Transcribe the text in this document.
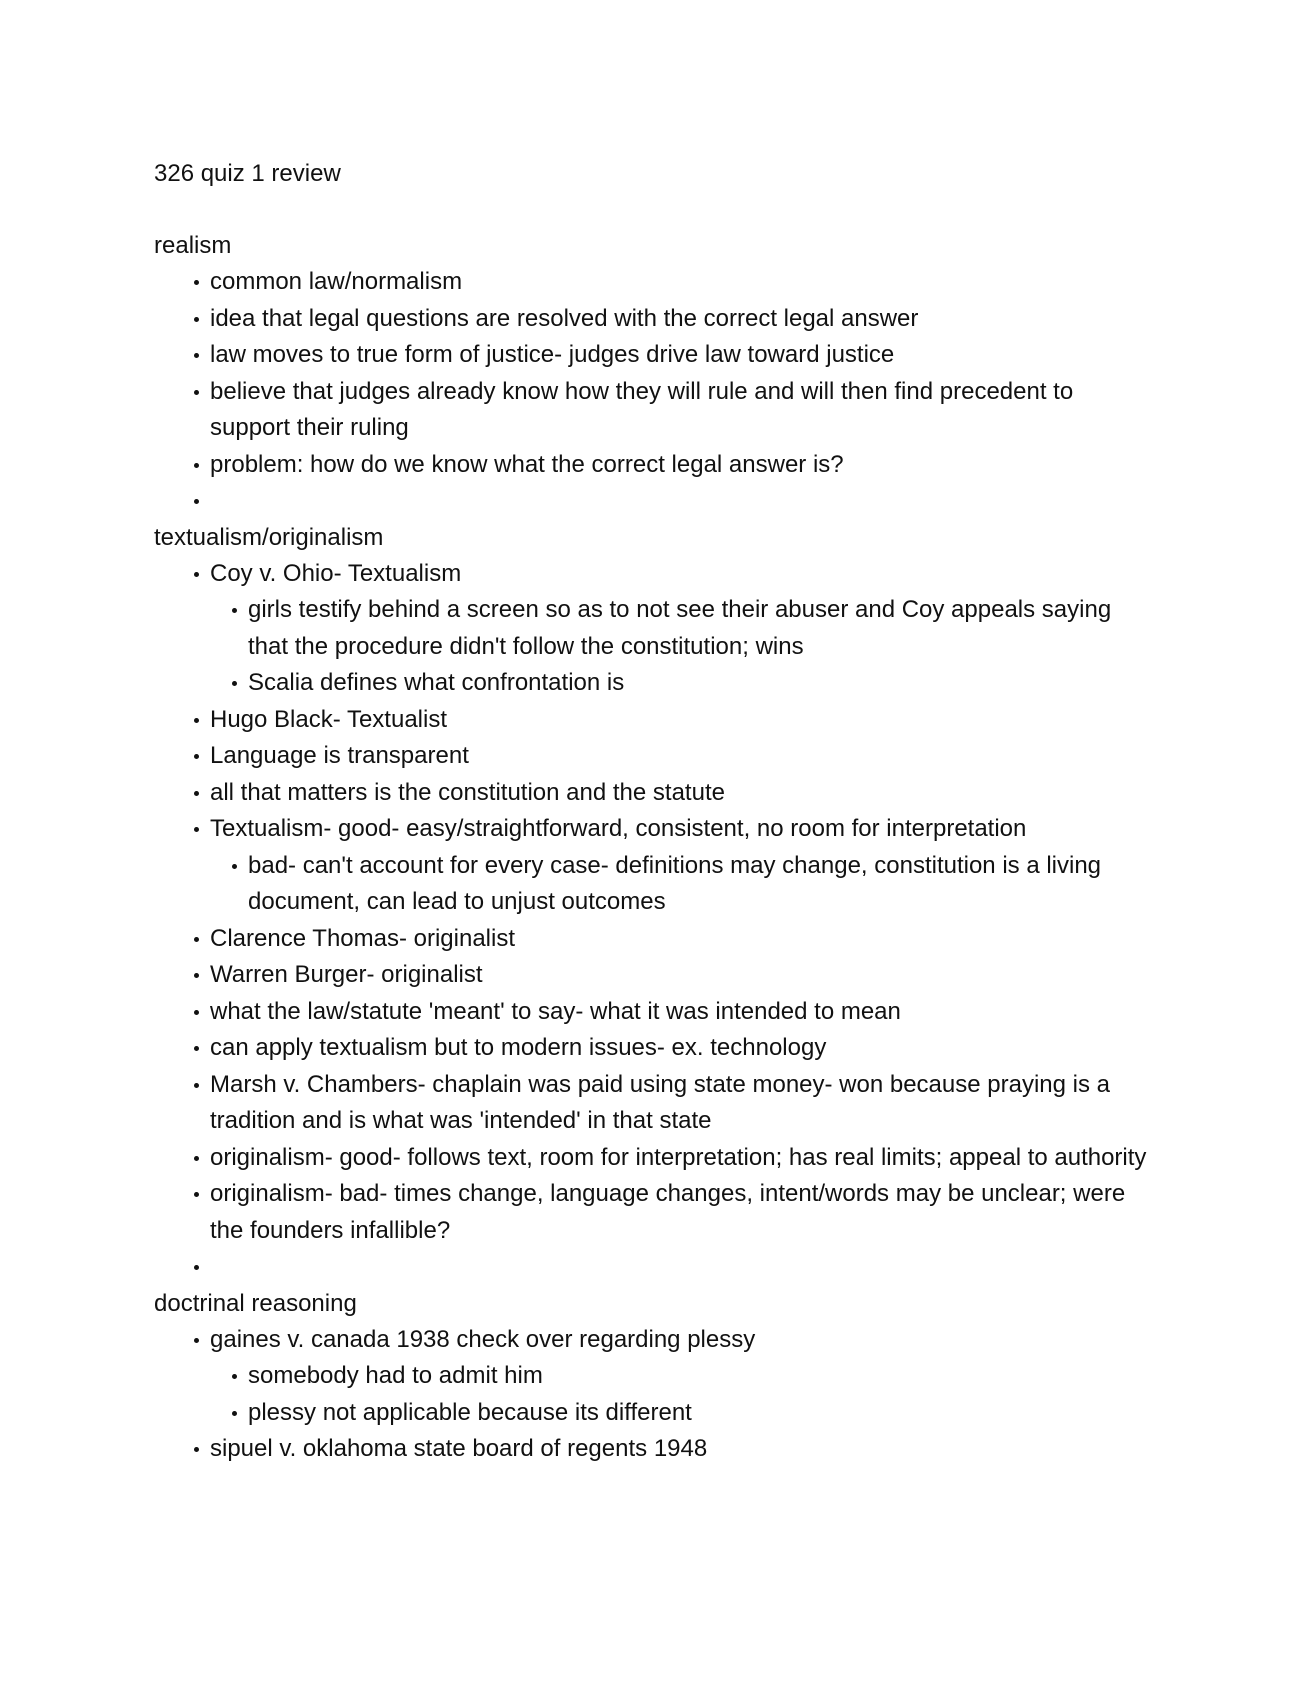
326 quiz 1 review
realism
common law/normalism
idea that legal questions are resolved with the correct legal answer
law moves to true form of justice- judges drive law toward justice
believe that judges already know how they will rule and will then find precedent to support their ruling
problem: how do we know what the correct legal answer is?
textualism/originalism
Coy v. Ohio- Textualism
girls testify behind a screen so as to not see their abuser and Coy appeals saying that the procedure didn't follow the constitution; wins
Scalia defines what confrontation is
Hugo Black- Textualist
Language is transparent
all that matters is the constitution and the statute
Textualism- good- easy/straightforward, consistent, no room for interpretation
bad- can't account for every case- definitions may change, constitution is a living document, can lead to unjust outcomes
Clarence Thomas- originalist
Warren Burger- originalist
what the law/statute 'meant' to say- what it was intended to mean
can apply textualism but to modern issues- ex. technology
Marsh v. Chambers- chaplain was paid using state money- won because praying is a tradition and is what was 'intended' in that state
originalism- good- follows text, room for interpretation; has real limits; appeal to authority
originalism- bad- times change, language changes, intent/words may be unclear; were the founders infallible?
doctrinal reasoning
gaines v. canada 1938 check over regarding plessy
somebody had to admit him
plessy not applicable because its different
sipuel v. oklahoma state board of regents 1948
